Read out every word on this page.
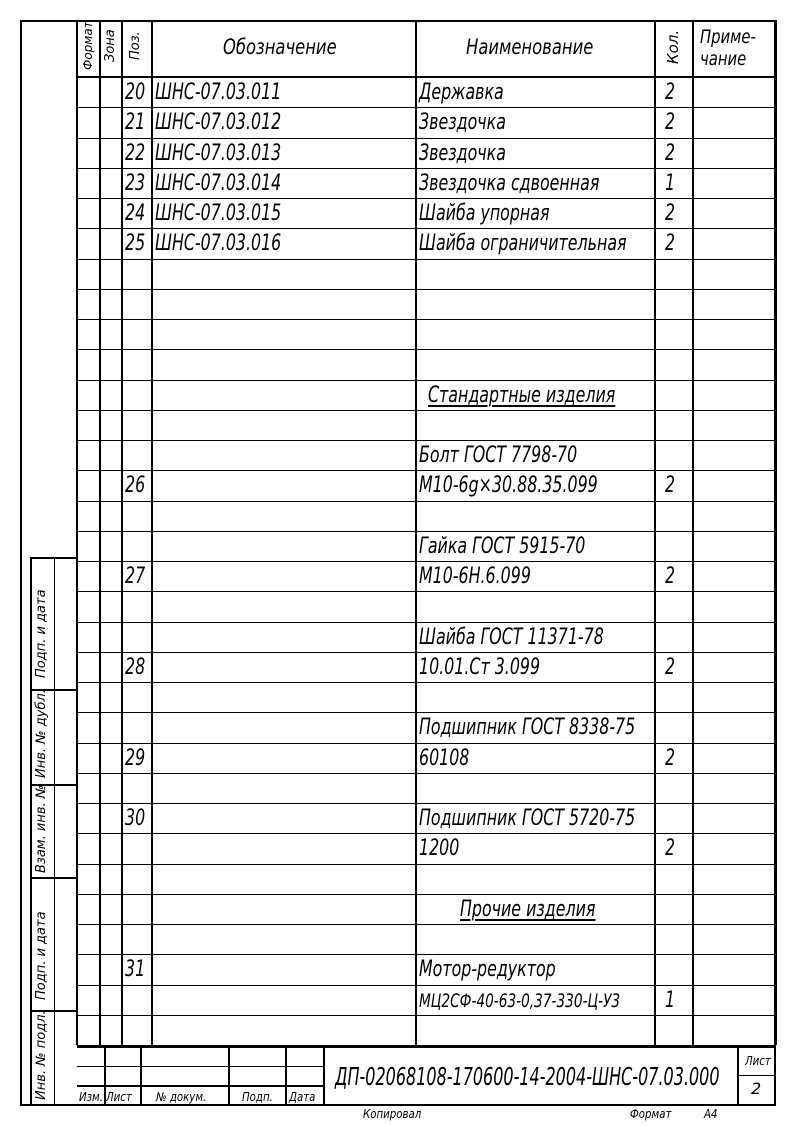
Формат Зона Поз.	Обозначение	Наименование	Кол. Приме-
чание
20 ШНС-07.03.011	Державка	2
21 ШНС-07.03.012	Звездочка	2
22 ШНС-07.03.013	Звездочка	2
23 ШНС-07.03.014	Звездочка сдвоенная	1
24 ШНС-07.03.015	Шайба упорная	2
25 ШНС-07.03.016	Шайба ограничительная 2
Стандартные изделия
Болт ГОСТ 7798-70
26	М10-6g×30.88.35.099	2
Гайка ГОСТ 5915-70
27	М10-6Н.6.099	2
Шайба ГОСТ 11371-78
28	10.01.Ст 3.099	2
Подшипник ГОСТ 8338-75
29	60108	2
30	Подшипник ГОСТ 5720-75
1200	2
Прочие изделия
31	Мотор-редуктор
МЦ2СФ-40-63-0,37-330-Ц-У3 1
Подп. и дата
Инв. № дубл.
Взам. инв. №
Подп. и дата
Инв. № подл.	Изм. Лист № докум.	Подп. Дата
ДП-02068108-170600-14-2004-ШНС-07.03.000
Лист
2
Копировал	Формат	А4
